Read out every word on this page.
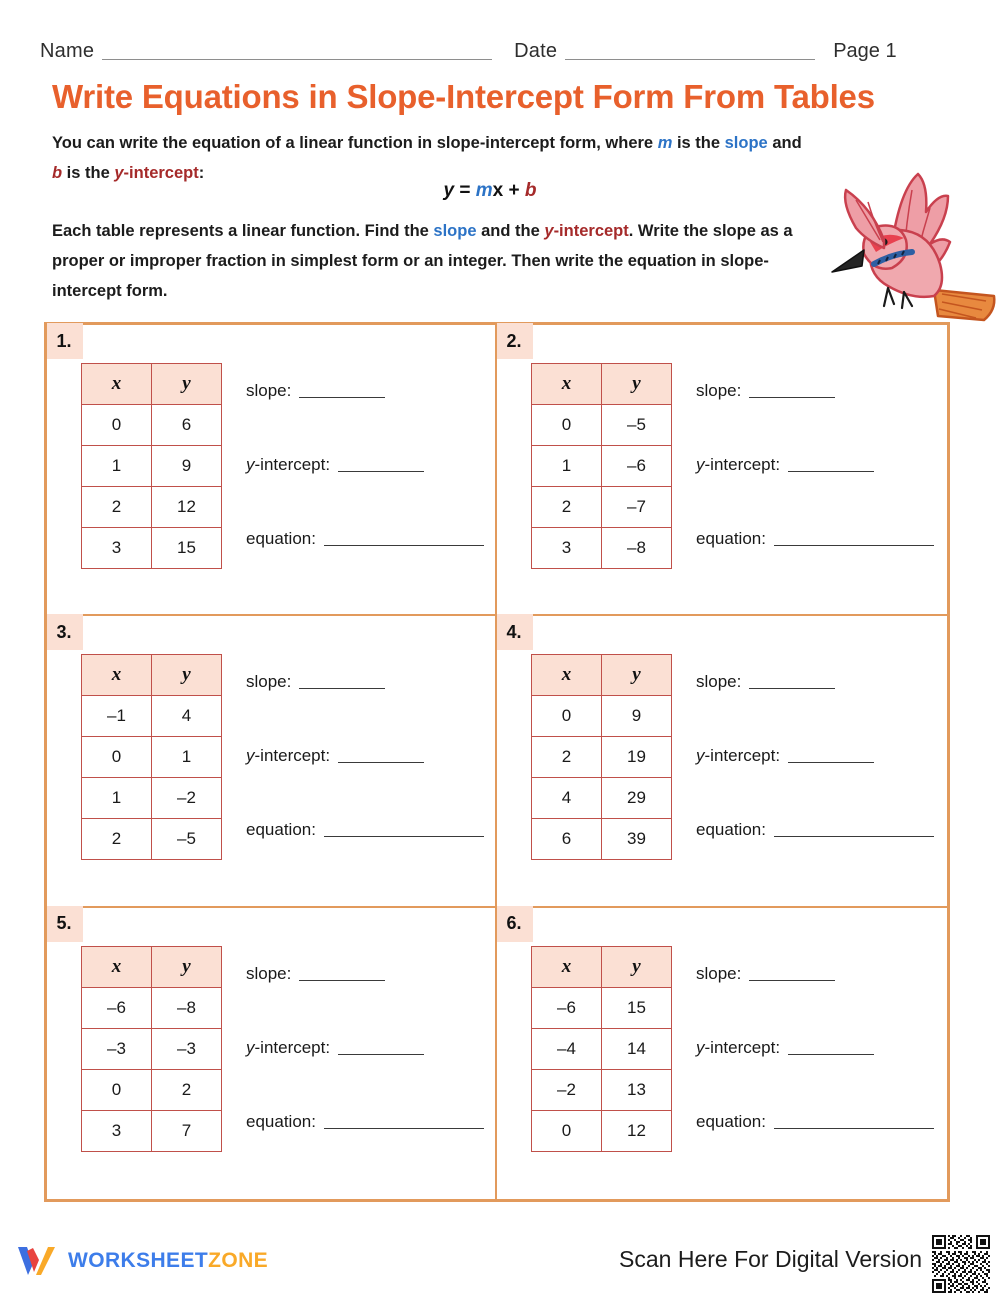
Name	Date	Page 1
Write Equations in Slope-Intercept Form From Tables
You can write the equation of a linear function in slope-intercept form, where m is the slope and
b is the y-intercept:
y = mx + b
Each table represents a linear function. Find the slope and the y-intercept. Write the slope as a proper or improper fraction in simplest form or an integer. Then write the equation in slope-intercept form.
1.
x	y
0	6
1	9
2	12
3	15
slope:
y-intercept:
equation:
2.
x	y
0	–5
1	–6
2	–7
3	–8
slope:
y-intercept:
equation:
3.
x	y
–1	4
0	1
1	–2
2	–5
slope:
y-intercept:
equation:
4.
x	y
0	9
2	19
4	29
6	39
slope:
y-intercept:
equation:
5.
x	y
–6	–8
–3	–3
0	2
3	7
slope:
y-intercept:
equation:
6.
x	y
–6	15
–4	14
–2	13
0	12
slope:
y-intercept:
equation:
WORKSHEETZONE	Scan Here For Digital Version
